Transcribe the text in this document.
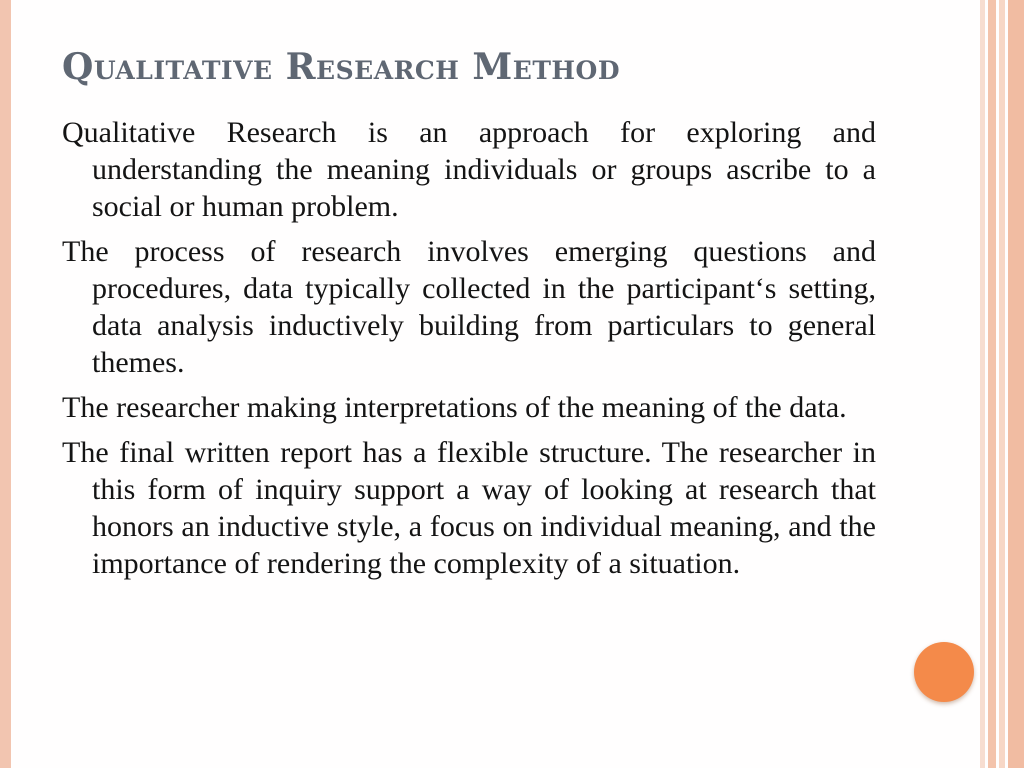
Qualitative Research Method
Qualitative Research is an approach for exploring and understanding the meaning individuals or groups ascribe to a social or human problem.
The process of research involves emerging questions and procedures, data typically collected in the participant‘s setting, data analysis inductively building from particulars to general themes.
The researcher making interpretations of the meaning of the data.
The final written report has a flexible structure. The researcher in this form of inquiry support a way of looking at research that honors an inductive style, a focus on individual meaning, and the importance of rendering the complexity of a situation.
